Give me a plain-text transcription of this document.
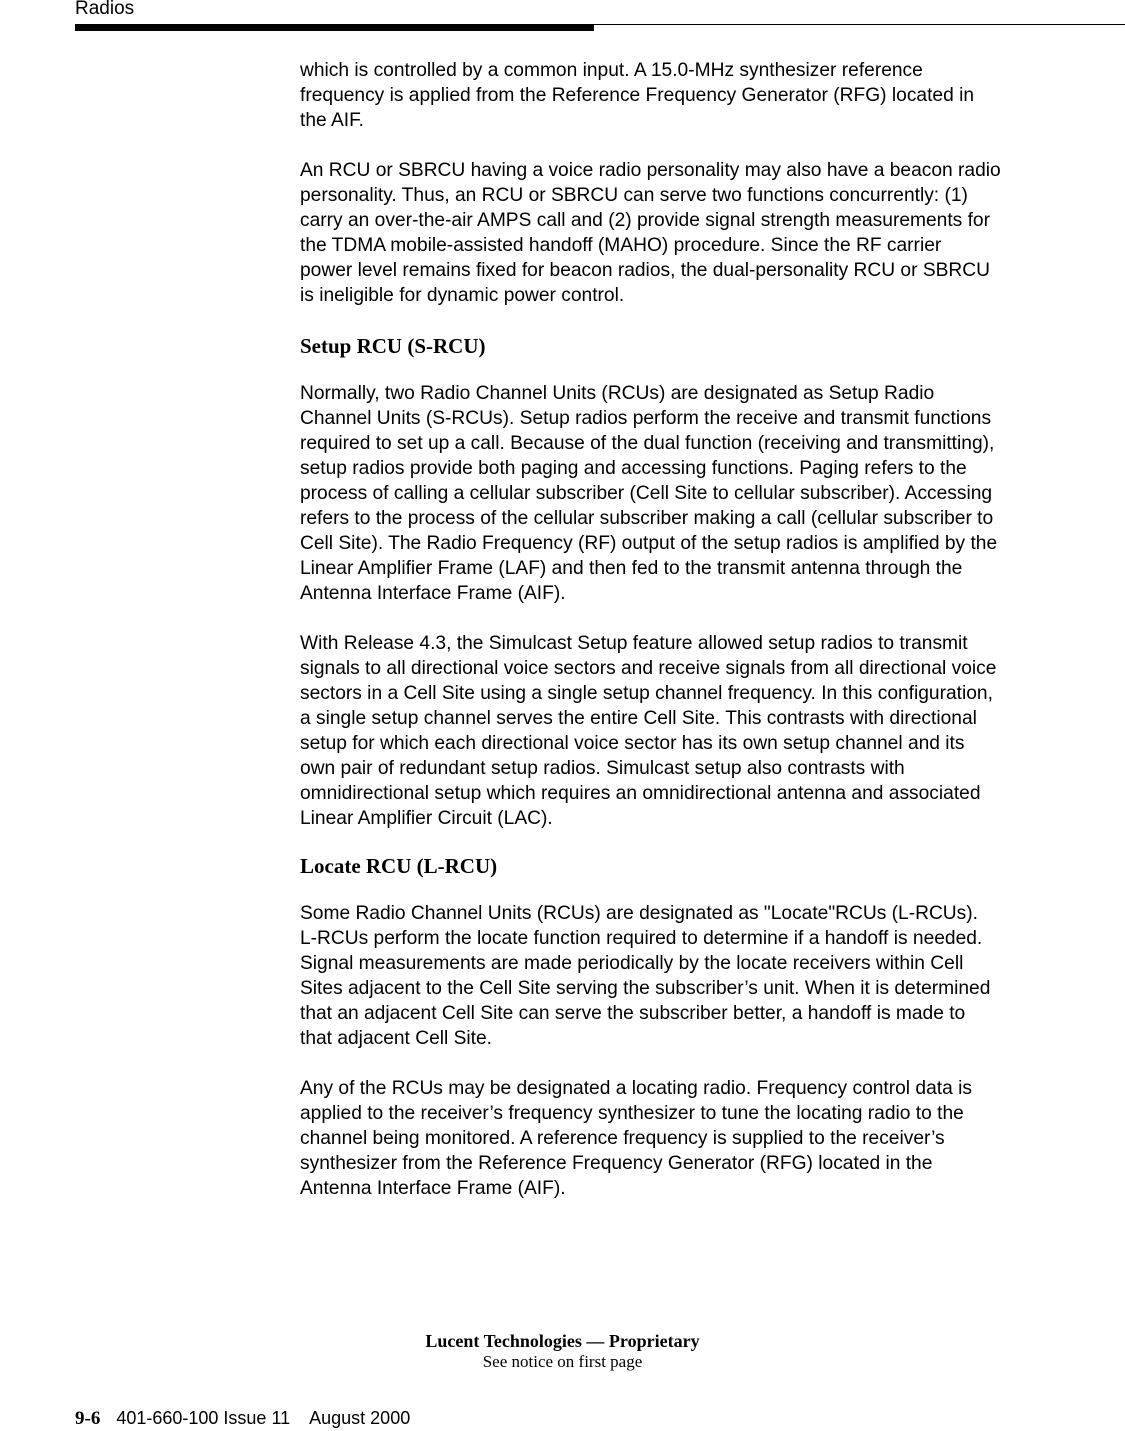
Radios

which is controlled by a common input. A 15.0-MHz synthesizer reference
frequency is applied from the Reference Frequency Generator (RFG) located in
the AIF.

An RCU or SBRCU having a voice radio personality may also have a beacon radio
personality. Thus, an RCU or SBRCU can serve two functions concurrently: (1)
carry an over-the-air AMPS call and (2) provide signal strength measurements for
the TDMA mobile-assisted handoff (MAHO) procedure. Since the RF carrier
power level remains fixed for beacon radios, the dual-personality RCU or SBRCU
is ineligible for dynamic power control.

Setup RCU (S-RCU)

Normally, two Radio Channel Units (RCUs) are designated as Setup Radio
Channel Units (S-RCUs). Setup radios perform the receive and transmit functions
required to set up a call. Because of the dual function (receiving and transmitting),
setup radios provide both paging and accessing functions. Paging refers to the
process of calling a cellular subscriber (Cell Site to cellular subscriber). Accessing
refers to the process of the cellular subscriber making a call (cellular subscriber to
Cell Site). The Radio Frequency (RF) output of the setup radios is amplified by the
Linear Amplifier Frame (LAF) and then fed to the transmit antenna through the
Antenna Interface Frame (AIF).

With Release 4.3, the Simulcast Setup feature allowed setup radios to transmit
signals to all directional voice sectors and receive signals from all directional voice
sectors in a Cell Site using a single setup channel frequency. In this configuration,
a single setup channel serves the entire Cell Site. This contrasts with directional
setup for which each directional voice sector has its own setup channel and its
own pair of redundant setup radios. Simulcast setup also contrasts with
omnidirectional setup which requires an omnidirectional antenna and associated
Linear Amplifier Circuit (LAC).

Locate RCU (L-RCU)

Some Radio Channel Units (RCUs) are designated as "Locate"RCUs (L-RCUs).
L-RCUs perform the locate function required to determine if a handoff is needed.
Signal measurements are made periodically by the locate receivers within Cell
Sites adjacent to the Cell Site serving the subscriber’s unit. When it is determined
that an adjacent Cell Site can serve the subscriber better, a handoff is made to
that adjacent Cell Site.

Any of the RCUs may be designated a locating radio. Frequency control data is
applied to the receiver’s frequency synthesizer to tune the locating radio to the
channel being monitored. A reference frequency is supplied to the receiver’s
synthesizer from the Reference Frequency Generator (RFG) located in the
Antenna Interface Frame (AIF).

Lucent Technologies — Proprietary
See notice on first page
9-6 401-660-100 Issue 11    August 2000
